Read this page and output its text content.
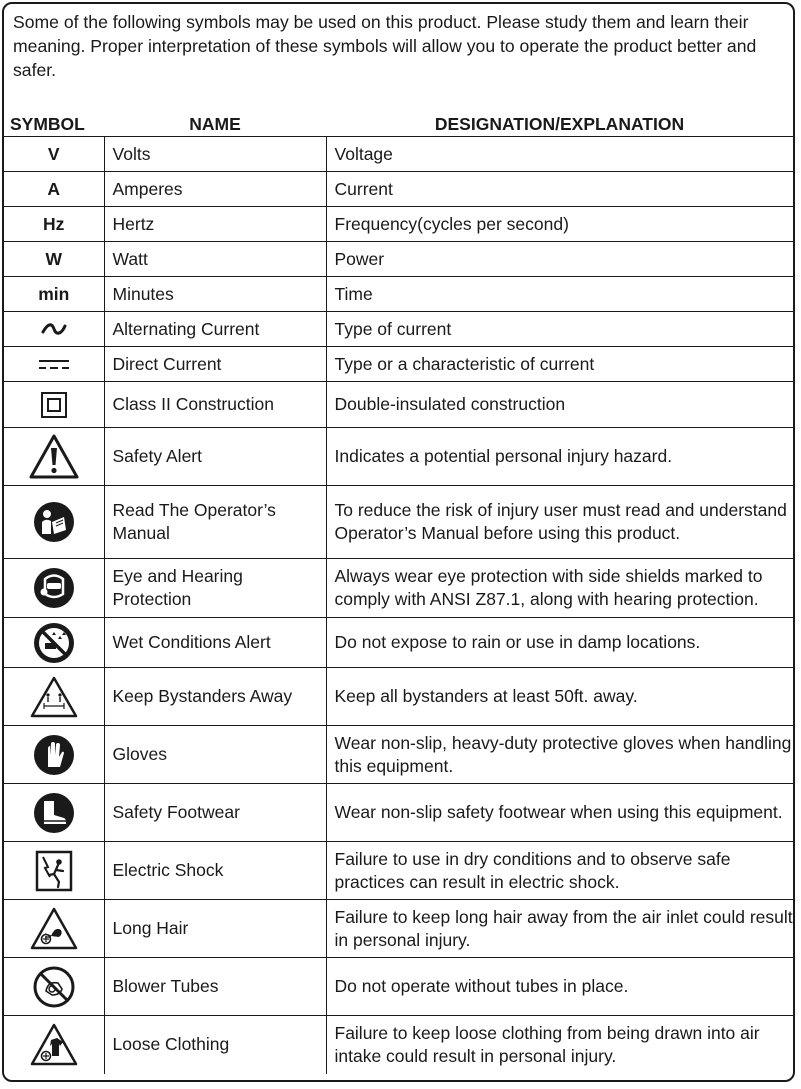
Some of the following symbols may be used on this product. Please study them and learn their meaning. Proper interpretation of these symbols will allow you to operate the product better and safer.

SYMBOL	NAME	DESIGNATION/EXPLANATION
V	Volts	Voltage
A	Amperes	Current
Hz	Hertz	Frequency(cycles per second)
W	Watt	Power
min	Minutes	Time

	Alternating Current	Type of current

	Direct Current	Type or a characteristic of current

	Class II Construction	Double-insulated construction

	Safety Alert	Indicates a potential personal injury hazard.

	Read The Operator’s Manual	To reduce the risk of injury user must read and understand Operator’s Manual before using this product.

	Eye and Hearing Protection	Always wear eye protection with side shields marked to comply with ANSI Z87.1, along with hearing protection.

	Wet Conditions Alert	Do not expose to rain or use in damp locations.

	Keep Bystanders Away	Keep all bystanders at least 50ft. away.

	Gloves	Wear non-slip, heavy-duty protective gloves when handling this equipment.

	Safety Footwear	Wear non-slip safety footwear when using this equipment.

	Electric Shock	Failure to use in dry conditions and to observe safe practices can result in electric shock.

	Long Hair	Failure to keep long hair away from the air inlet could result in personal injury.

	Blower Tubes	Do not operate without tubes in place.

	Loose Clothing	Failure to keep loose clothing from being drawn into air intake could result in personal injury.
